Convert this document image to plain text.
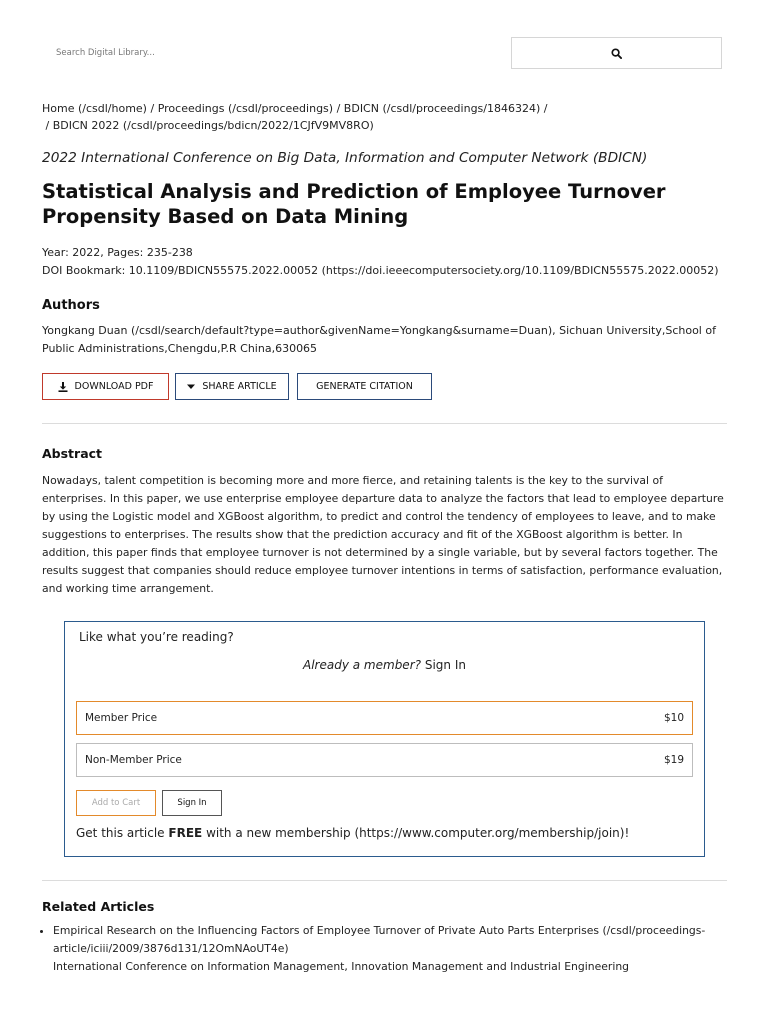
Search Digital Library...
Home (/csdl/home) / Proceedings (/csdl/proceedings) / BDICN (/csdl/proceedings/1846324) /
/ BDICN 2022 (/csdl/proceedings/bdicn/2022/1CJfV9MV8RO)
2022 International Conference on Big Data, Information and Computer Network (BDICN)
Statistical Analysis and Prediction of Employee Turnover Propensity Based on Data Mining
Year: 2022, Pages: 235-238
DOI Bookmark: 10.1109/BDICN55575.2022.00052 (https://doi.ieeecomputersociety.org/10.1109/BDICN55575.2022.00052)
Authors
Yongkang Duan (/csdl/search/default?type=author&givenName=Yongkang&surname=Duan), Sichuan University,School of Public Administrations,Chengdu,P.R China,630065
DOWNLOAD PDF	SHARE ARTICLE	GENERATE CITATION
Abstract
Nowadays, talent competition is becoming more and more fierce, and retaining talents is the key to the survival of enterprises. In this paper, we use enterprise employee departure data to analyze the factors that lead to employee departure by using the Logistic model and XGBoost algorithm, to predict and control the tendency of employees to leave, and to make suggestions to enterprises. The results show that the prediction accuracy and fit of the XGBoost algorithm is better. In addition, this paper finds that employee turnover is not determined by a single variable, but by several factors together. The results suggest that companies should reduce employee turnover intentions in terms of satisfaction, performance evaluation, and working time arrangement.
Like what you’re reading?
Already a member? Sign In
Member Price	$10
Non-Member Price	$19
Add to Cart	Sign In
Get this article FREE with a new membership (https://www.computer.org/membership/join)!
Related Articles
• Empirical Research on the Influencing Factors of Employee Turnover of Private Auto Parts Enterprises (/csdl/proceedings-article/iciii/2009/3876d131/12OmNAoUT4e)
International Conference on Information Management, Innovation Management and Industrial Engineering
